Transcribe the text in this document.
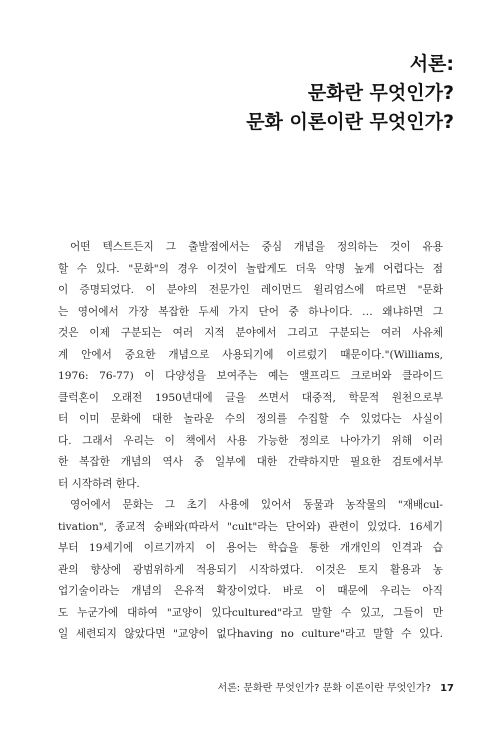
서론:
문화란 무엇인가?
문화 이론이란 무엇인가?
어떤 텍스트든지 그 출발점에서는 중심 개념을 정의하는 것이 유용
할 수 있다. "문화"의 경우 이것이 놀랍게도 더욱 악명 높게 어렵다는 점
이 증명되었다. 이 분야의 전문가인 레이먼드 윌리엄스에 따르면 "문화
는 영어에서 가장 복잡한 두세 가지 단어 중 하나이다. … 왜냐하면 그
것은 이제 구분되는 여러 지적 분야에서 그리고 구분되는 여러 사유체
계 안에서 중요한 개념으로 사용되기에 이르렀기 때문이다."(Williams,
1976: 76-77) 이 다양성을 보여주는 예는 앨프리드 크로버와 클라이드
클럭혼이 오래전 1950년대에 글을 쓰면서 대중적, 학문적 원천으로부
터 이미 문화에 대한 놀라운 수의 정의를 수집할 수 있었다는 사실이
다. 그래서 우리는 이 책에서 사용 가능한 정의로 나아가기 위해 이러
한 복잡한 개념의 역사 중 일부에 대한 간략하지만 필요한 검토에서부
터 시작하려 한다.
영어에서 문화는 그 초기 사용에 있어서 동물과 농작물의 "재배cul-
tivation", 종교적 숭배와(따라서 "cult"라는 단어와) 관련이 있었다. 16세기
부터 19세기에 이르기까지 이 용어는 학습을 통한 개개인의 인격과 습
관의 향상에 광범위하게 적용되기 시작하였다. 이것은 토지 활용과 농
업기술이라는 개념의 은유적 확장이었다. 바로 이 때문에 우리는 아직
도 누군가에 대하여 "교양이 있다cultured"라고 말할 수 있고, 그들이 만
일 세련되지 않았다면 "교양이 없다having no culture"라고 말할 수 있다.
서론: 문화란 무엇인가? 문화 이론이란 무엇인가? 17
